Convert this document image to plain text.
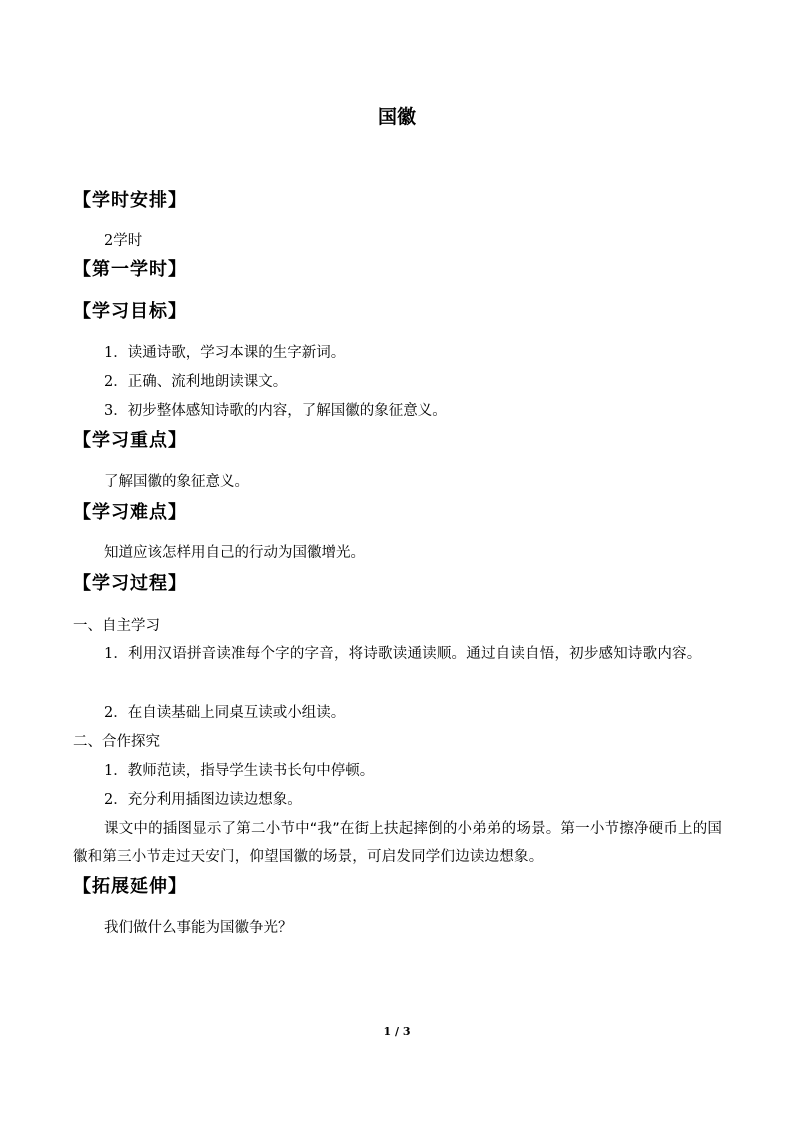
国徽
【学时安排】
2学时
【第一学时】
【学习目标】
1．读通诗歌，学习本课的生字新词。
2．正确、流利地朗读课文。
3．初步整体感知诗歌的内容，了解国徽的象征意义。
【学习重点】
了解国徽的象征意义。
【学习难点】
知道应该怎样用自己的行动为国徽增光。
【学习过程】
一、自主学习
1．利用汉语拼音读准每个字的字音，将诗歌读通读顺。通过自读自悟，初步感知诗歌内容。
2．在自读基础上同桌互读或小组读。
二、合作探究
1．教师范读，指导学生读书长句中停顿。
2．充分利用插图边读边想象。
课文中的插图显示了第二小节中“我”在街上扶起摔倒的小弟弟的场景。第一小节擦净硬币上的国徽和第三小节走过天安门，仰望国徽的场景，可启发同学们边读边想象。
【拓展延伸】
我们做什么事能为国徽争光？
1 / 3
